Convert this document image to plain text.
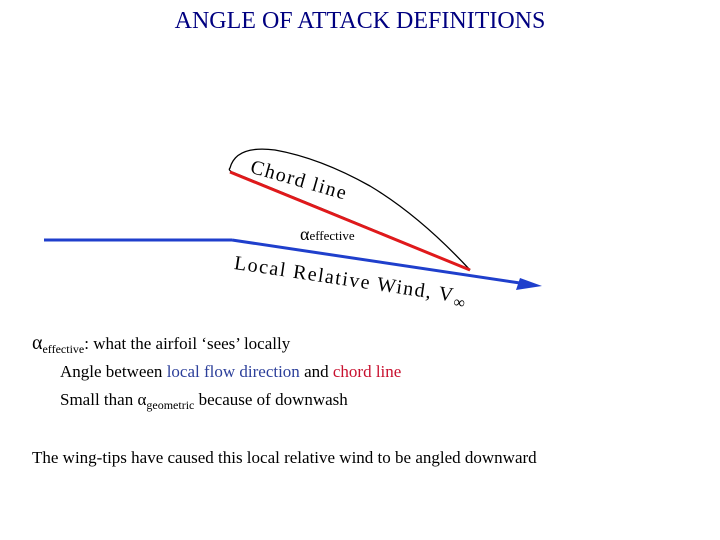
ANGLE OF ATTACK DEFINITIONS
Chord line
αeffective
Local Relative Wind, $V_\infty$
$\alpha_{effective}$: what the airfoil ‘sees’ locally
Angle between local flow direction and chord line
Small than $\alpha_{geometric}$ because of downwash
The wing-tips have caused this local relative wind to be angled downward
